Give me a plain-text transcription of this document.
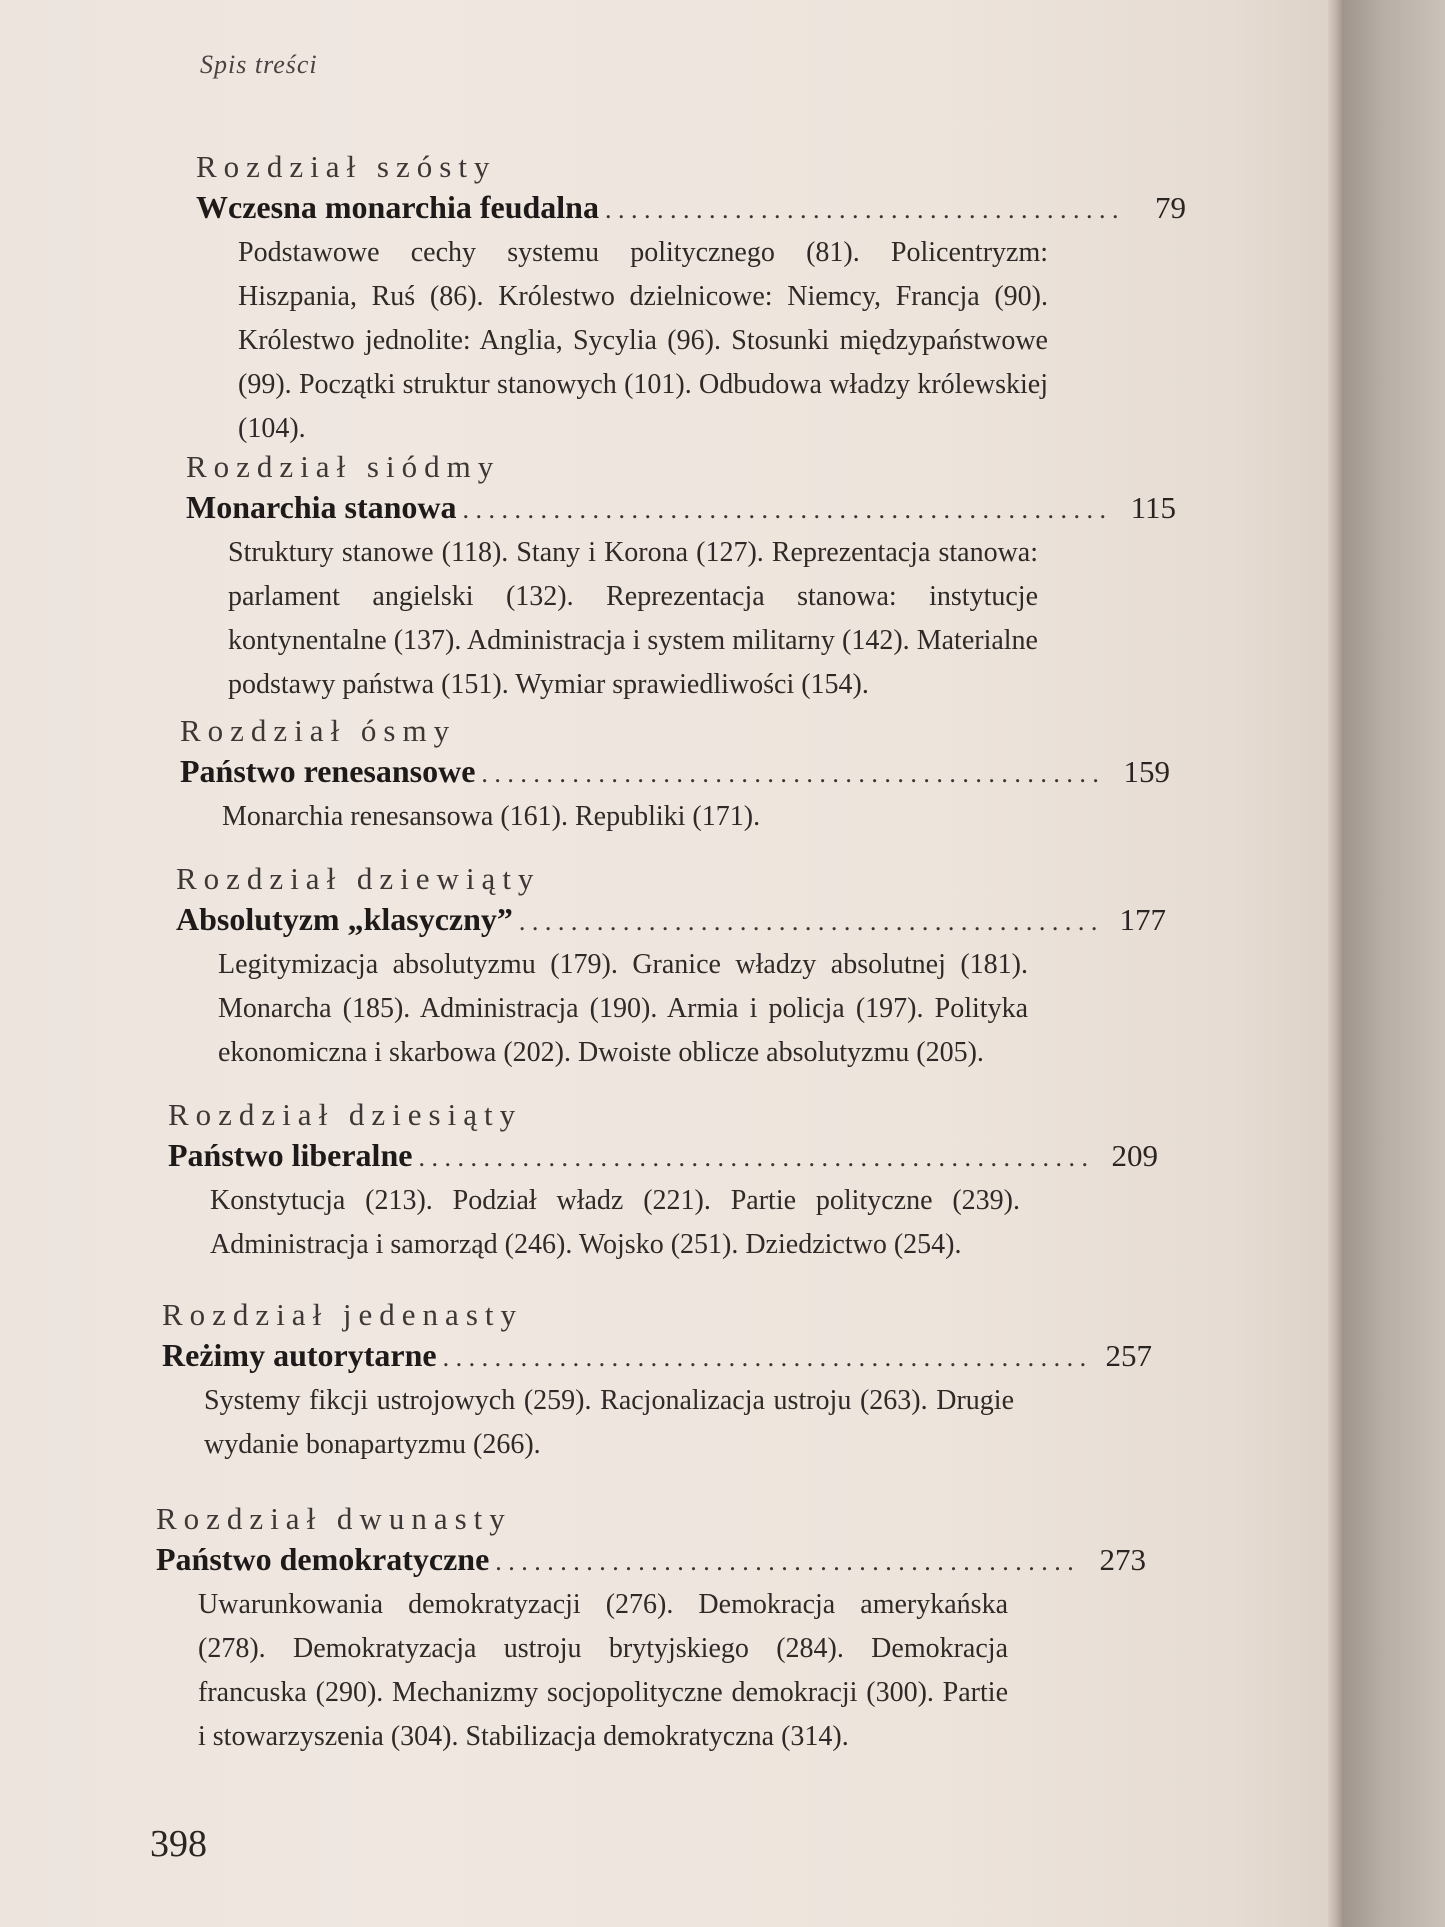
Spis treści
Rozdział szósty
Wczesna monarchia feudalna . . .	79
Podstawowe cechy systemu politycznego (81). Policentryzm: Hiszpania, Ruś (86). Królestwo dzielnicowe: Niemcy, Francja (90). Królestwo jednolite: Anglia, Sycylia (96). Stosunki międzypaństwowe (99). Początki struktur stanowych (101). Odbudowa władzy królewskiej (104).
Rozdział siódmy
Monarchia stanowa . . .	115
Struktury stanowe (118). Stany i Korona (127). Reprezentacja stanowa: parlament angielski (132). Reprezentacja stanowa: instytucje kontynentalne (137). Administracja i system militarny (142). Materialne podstawy państwa (151). Wymiar sprawiedliwości (154).
Rozdział ósmy
Państwo renesansowe . . .	159
Monarchia renesansowa (161). Republiki (171).
Rozdział dziewiąty
Absolutyzm „klasyczny” . . .	177
Legitymizacja absolutyzmu (179). Granice władzy absolutnej (181). Monarcha (185). Administracja (190). Armia i policja (197). Polityka ekonomiczna i skarbowa (202). Dwoiste oblicze absolutyzmu (205).
Rozdział dziesiąty
Państwo liberalne . . .	209
Konstytucja (213). Podział władz (221). Partie polityczne (239). Administracja i samorząd (246). Wojsko (251). Dziedzictwo (254).
Rozdział jedenasty
Reżimy autorytarne . . .	257
Systemy fikcji ustrojowych (259). Racjonalizacja ustroju (263). Drugie wydanie bonapartyzmu (266).
Rozdział dwunasty
Państwo demokratyczne . . .	273
Uwarunkowania demokratyzacji (276). Demokracja amerykańska (278). Demokratyzacja ustroju brytyjskiego (284). Demokracja francuska (290). Mechanizmy socjopolityczne demokracji (300). Partie i stowarzyszenia (304). Stabilizacja demokratyczna (314).
398
